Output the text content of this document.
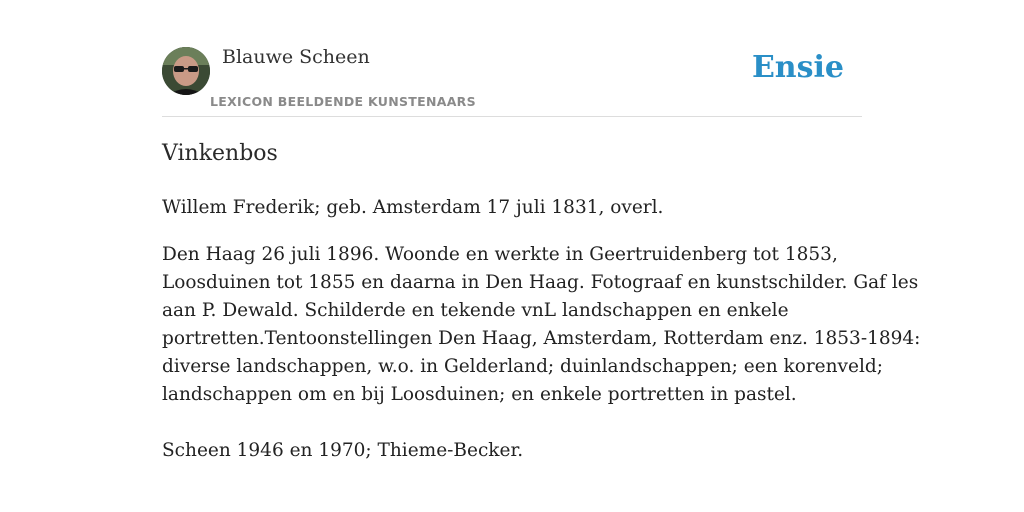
Blauwe Scheen
LEXICON BEELDENDE KUNSTENAARS
Ensie
Vinkenbos

Willem Frederik; geb. Amsterdam 17 juli 1831, overl.

Den Haag 26 juli 1896. Woonde en werkte in Geertruidenberg tot 1853,
Loosduinen tot 1855 en daarna in Den Haag. Fotograaf en kunstschilder. Gaf les
aan P. Dewald. Schilderde en tekende vnL landschappen en enkele
portretten.Tentoonstellingen Den Haag, Amsterdam, Rotterdam enz. 1853-1894:
diverse landschappen, w.o. in Gelderland; duinlandschappen; een korenveld;
landschappen om en bij Loosduinen; en enkele portretten in pastel.

Scheen 1946 en 1970; Thieme-Becker.
